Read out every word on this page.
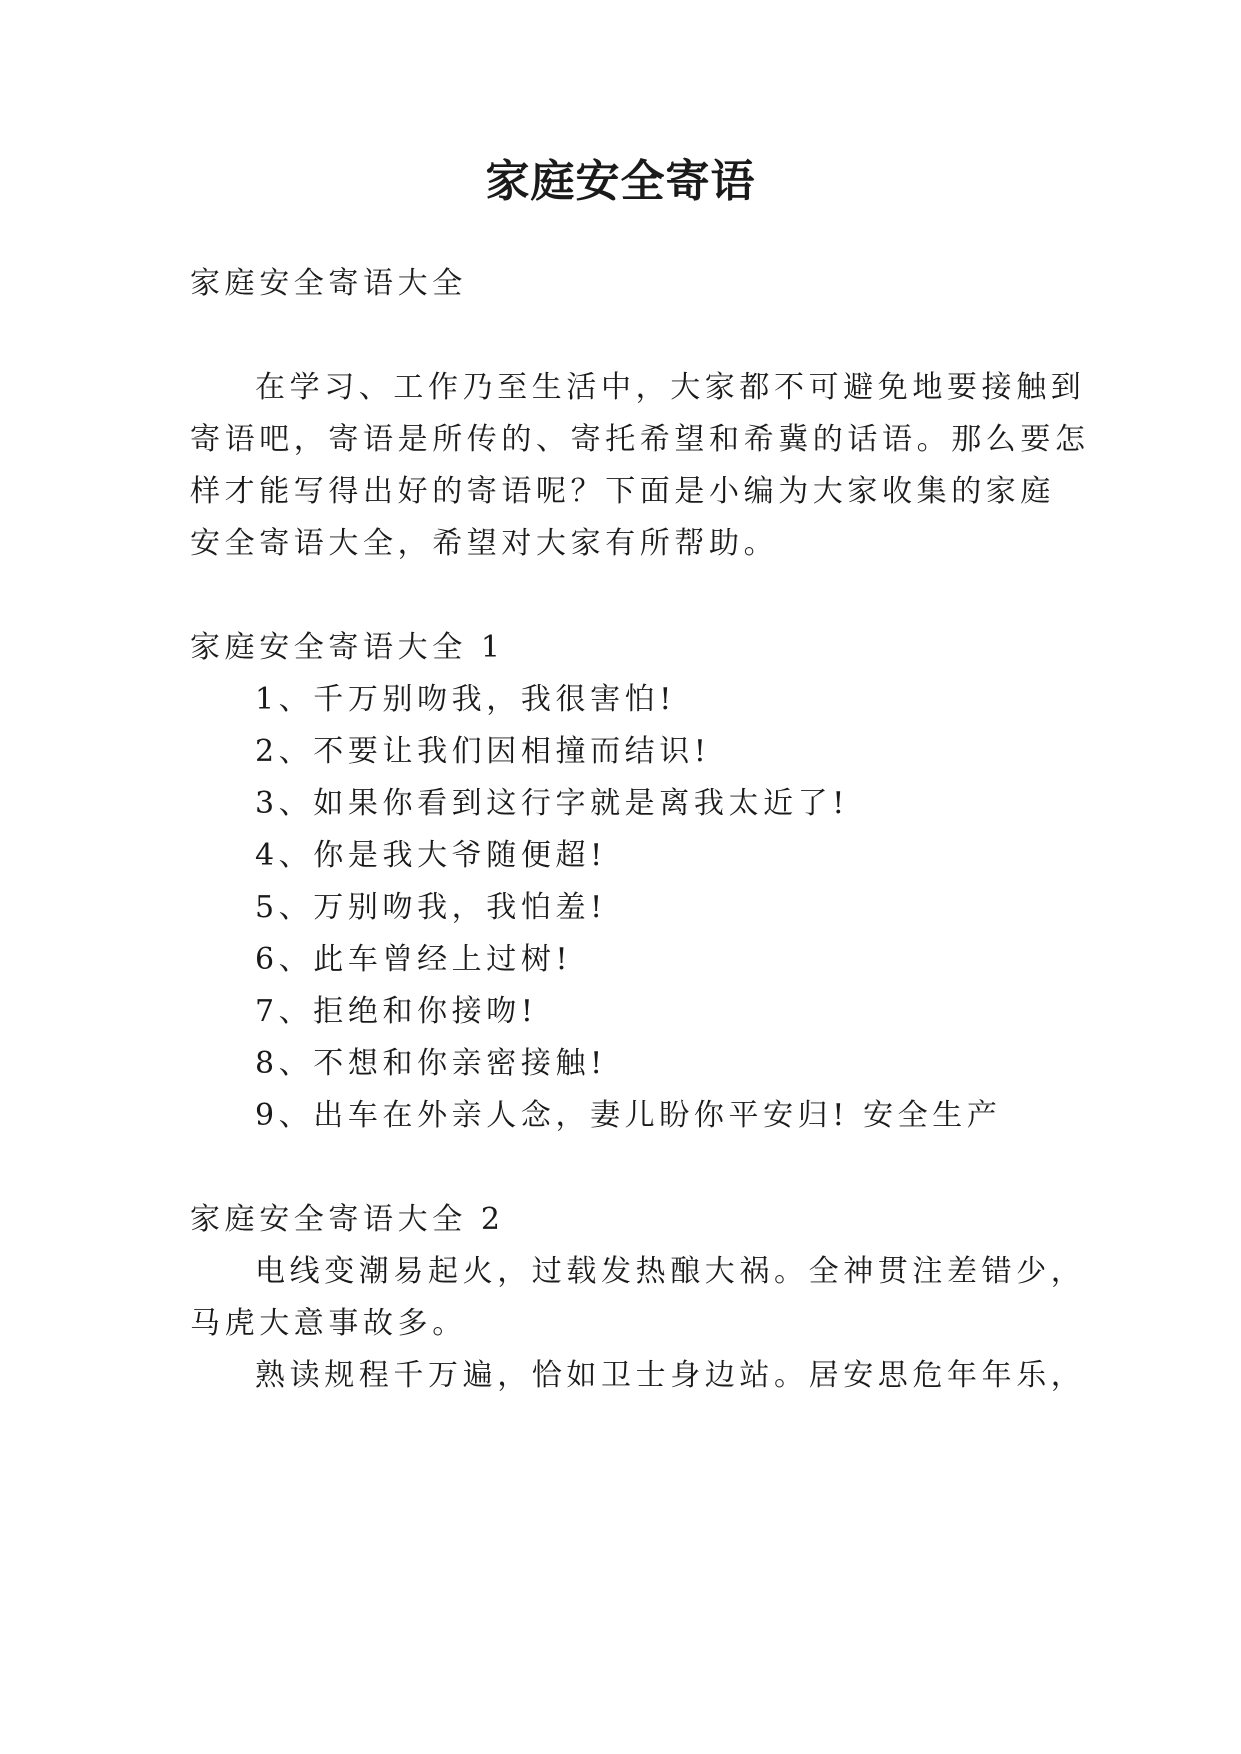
家庭安全寄语
家庭安全寄语大全
在学习、工作乃至生活中，大家都不可避免地要接触到
寄语吧，寄语是所传的、寄托希望和希冀的话语。那么要怎
样才能写得出好的寄语呢？下面是小编为大家收集的家庭
安全寄语大全，希望对大家有所帮助。
家庭安全寄语大全 1
1、千万别吻我，我很害怕!
2、不要让我们因相撞而结识!
3、如果你看到这行字就是离我太近了!
4、你是我大爷随便超!
5、万别吻我，我怕羞!
6、此车曾经上过树!
7、拒绝和你接吻!
8、不想和你亲密接触!
9、出车在外亲人念，妻儿盼你平安归! 安全生产
家庭安全寄语大全 2
电线变潮易起火，过载发热酿大祸。全神贯注差错少，
马虎大意事故多。
熟读规程千万遍，恰如卫士身边站。居安思危年年乐，
